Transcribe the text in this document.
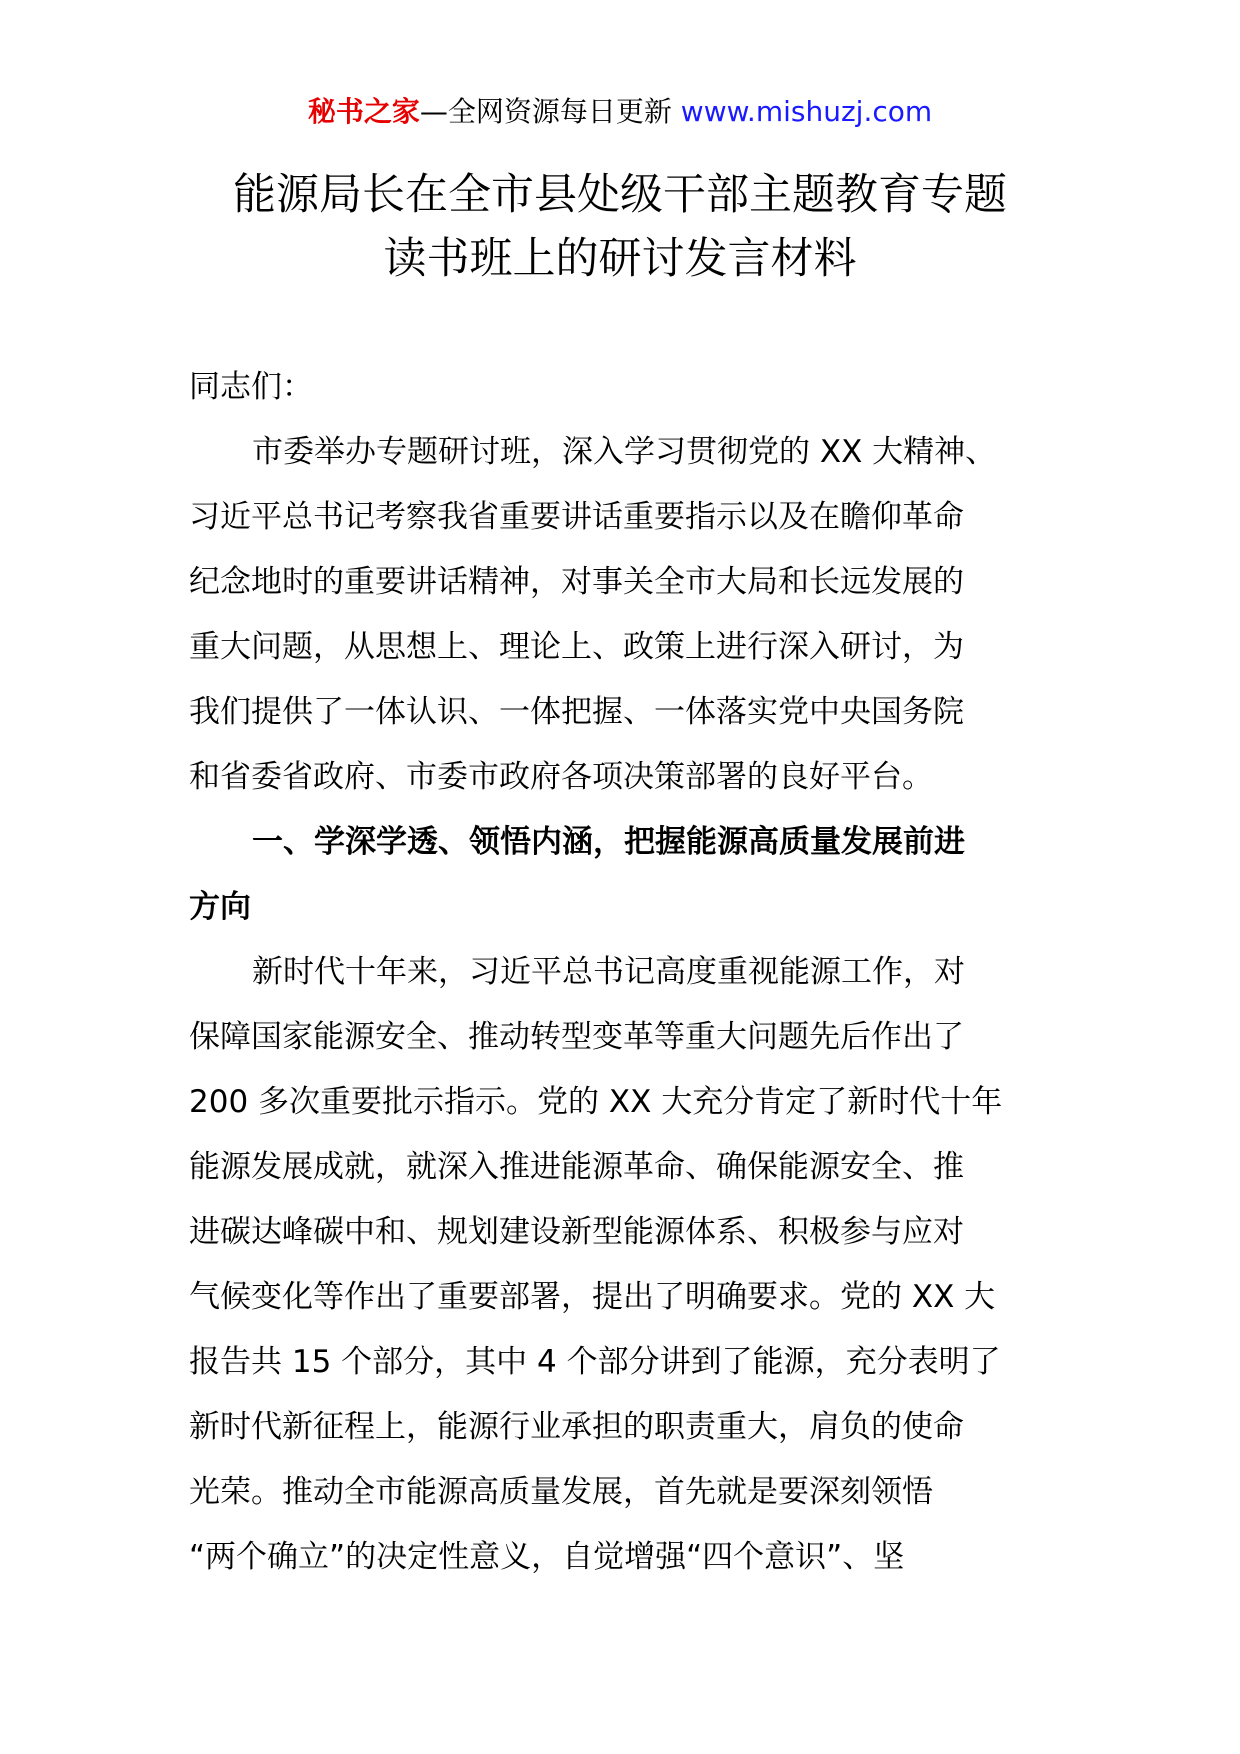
秘书之家—全网资源每日更新 www.mishuzj.com
能源局长在全市县处级干部主题教育专题
读书班上的研讨发言材料

同志们：

市委举办专题研讨班，深入学习贯彻党的 XX 大精神、
习近平总书记考察我省重要讲话重要指示以及在瞻仰革命
纪念地时的重要讲话精神，对事关全市大局和长远发展的
重大问题，从思想上、理论上、政策上进行深入研讨，为
我们提供了一体认识、一体把握、一体落实党中央国务院
和省委省政府、市委市政府各项决策部署的良好平台。

一、学深学透、领悟内涵，把握能源高质量发展前进
方向

新时代十年来，习近平总书记高度重视能源工作，对
保障国家能源安全、推动转型变革等重大问题先后作出了
200 多次重要批示指示。党的 XX 大充分肯定了新时代十年
能源发展成就，就深入推进能源革命、确保能源安全、推
进碳达峰碳中和、规划建设新型能源体系、积极参与应对
气候变化等作出了重要部署，提出了明确要求。党的 XX 大
报告共 15 个部分，其中 4 个部分讲到了能源，充分表明了
新时代新征程上，能源行业承担的职责重大，肩负的使命
光荣。推动全市能源高质量发展，首先就是要深刻领悟
“两个确立”的决定性意义，自觉增强“四个意识”、坚
